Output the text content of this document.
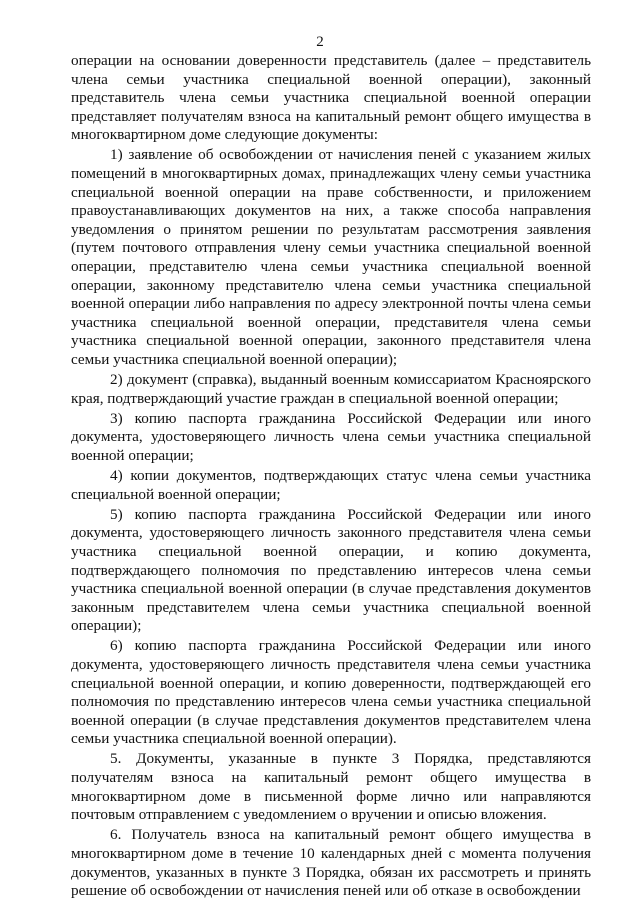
2

операции на основании доверенности представитель (далее – представитель члена семьи участника специальной военной операции), законный представитель члена семьи участника специальной военной операции представляет получателям взноса на капитальный ремонт общего имущества в многоквартирном доме следующие документы:

1) заявление об освобождении от начисления пеней с указанием жилых помещений в многоквартирных домах, принадлежащих члену семьи участника специальной военной операции на праве собственности, и приложением правоустанавливающих документов на них, а также способа направления уведомления о принятом решении по результатам рассмотрения заявления (путем почтового отправления члену семьи участника специальной военной операции, представителю члена семьи участника специальной военной операции, законному представителю члена семьи участника специальной военной операции либо направления по адресу электронной почты члена семьи участника специальной военной операции, представителя члена семьи участника специальной военной операции, законного представителя члена семьи участника специальной военной операции);

2) документ (справка), выданный военным комиссариатом Красноярского края, подтверждающий участие граждан в специальной военной операции;

3) копию паспорта гражданина Российской Федерации или иного документа, удостоверяющего личность члена семьи участника специальной военной операции;

4) копии документов, подтверждающих статус члена семьи участника специальной военной операции;

5) копию паспорта гражданина Российской Федерации или иного документа, удостоверяющего личность законного представителя члена семьи участника специальной военной операции, и копию документа, подтверждающего полномочия по представлению интересов члена семьи участника специальной военной операции (в случае представления документов законным представителем члена семьи участника специальной военной операции);

6) копию паспорта гражданина Российской Федерации или иного документа, удостоверяющего личность представителя члена семьи участника специальной военной операции, и копию доверенности, подтверждающей его полномочия по представлению интересов члена семьи участника специальной военной операции (в случае представления документов представителем члена семьи участника специальной военной операции).

5. Документы, указанные в пункте 3 Порядка, представляются получателям взноса на капитальный ремонт общего имущества в многоквартирном доме в письменной форме лично или направляются почтовым отправлением с уведомлением о вручении и описью вложения.

6. Получатель взноса на капитальный ремонт общего имущества в многоквартирном доме в течение 10 календарных дней с момента получения документов, указанных в пункте 3 Порядка, обязан их рассмотреть и принять решение об освобождении от начисления пеней или об отказе в освобождении
